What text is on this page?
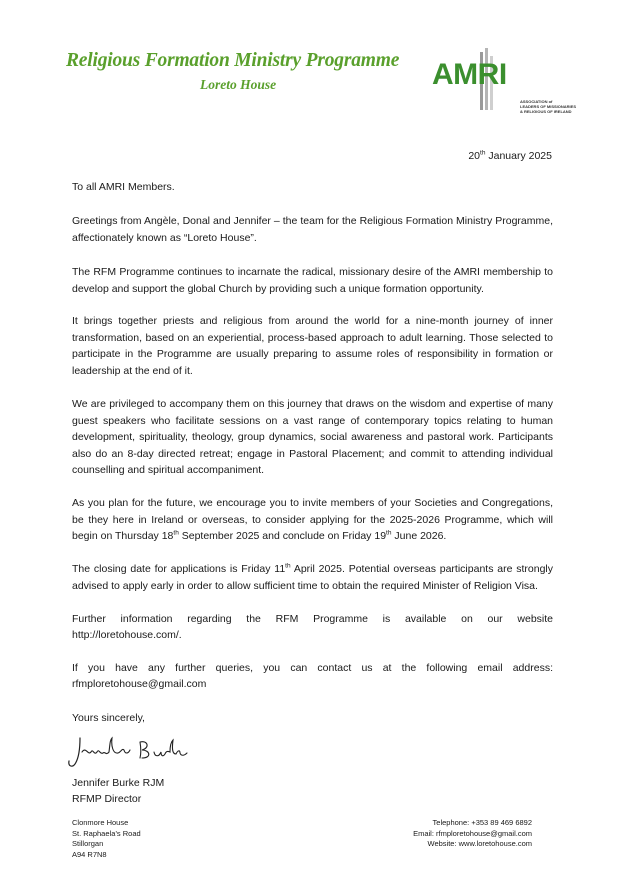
Religious Formation Ministry Programme
Loreto House	AMRI
ASSOCIATION of
LEADERS OF MISSIONARIES
& RELIGIOUS OF IRELAND
20th January 2025
To all AMRI Members.
Greetings from Angèle, Donal and Jennifer – the team for the Religious Formation Ministry Programme, affectionately known as “Loreto House”.
The RFM Programme continues to incarnate the radical, missionary desire of the AMRI membership to develop and support the global Church by providing such a unique formation opportunity.
It brings together priests and religious from around the world for a nine-month journey of inner transformation, based on an experiential, process-based approach to adult learning. Those selected to participate in the Programme are usually preparing to assume roles of responsibility in formation or leadership at the end of it.
We are privileged to accompany them on this journey that draws on the wisdom and expertise of many guest speakers who facilitate sessions on a vast range of contemporary topics relating to human development, spirituality, theology, group dynamics, social awareness and pastoral work. Participants also do an 8-day directed retreat; engage in Pastoral Placement; and commit to attending individual counselling and spiritual accompaniment.
As you plan for the future, we encourage you to invite members of your Societies and Congregations, be they here in Ireland or overseas, to consider applying for the 2025-2026 Programme, which will begin on Thursday 18th September 2025 and conclude on Friday 19th June 2026.
The closing date for applications is Friday 11th April 2025. Potential overseas participants are strongly advised to apply early in order to allow sufficient time to obtain the required Minister of Religion Visa.
Further information regarding the RFM Programme is available on our website
http://loretohouse.com/.
If you have any further queries, you can contact us at the following email address:
rfmploretohouse@gmail.com
Yours sincerely,
Jennifer Burke RJM
RFMP Director
Clonmore House
St. Raphaela’s Road
Stillorgan
A94 R7N8
Telephone: +353 89 469 6892
Email: rfmploretohouse@gmail.com
Website: www.loretohouse.com
